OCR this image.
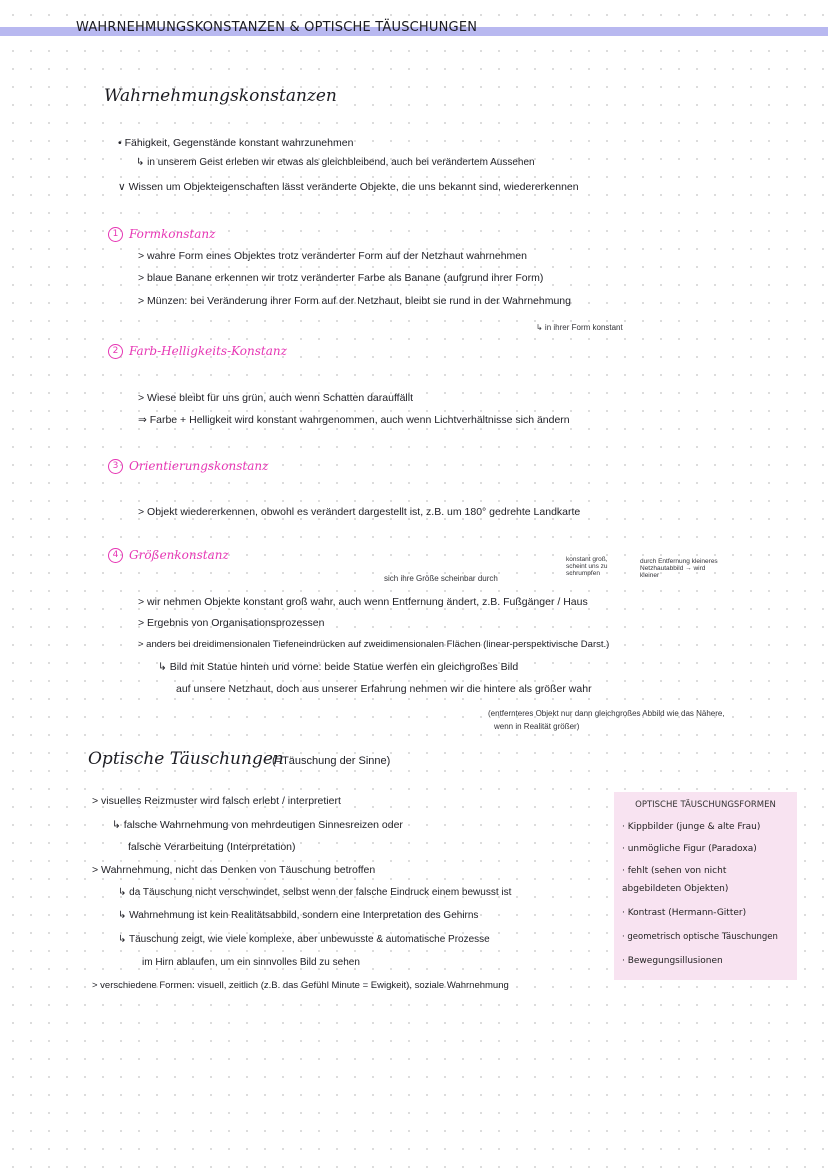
WAHRNEHMUNGSKONSTANZEN & OPTISCHE TÄUSCHUNGEN
Wahrnehmungskonstanzen
• Fähigkeit, Gegenstände konstant wahrzunehmen
↳ in unserem Geist erleben wir etwas als gleichbleibend, auch bei verändertem Aussehen
∨ Wissen um Objekteigenschaften lässt veränderte Objekte, die uns bekannt sind, wiedererkennen
1 Formkonstanz
> wahre Form eines Objektes trotz veränderter Form auf der Netzhaut wahrnehmen
> blaue Banane erkennen wir trotz veränderter Farbe als Banane (aufgrund ihrer Form)
> Münzen: bei Veränderung ihrer Form auf der Netzhaut, bleibt sie rund in der Wahrnehmung
↳ in ihrer Form konstant
2 Farb-Helligkeits-Konstanz
> Wiese bleibt für uns grün, auch wenn Schatten darauffällt
⇒ Farbe + Helligkeit wird konstant wahrgenommen, auch wenn Lichtverhältnisse sich ändern
3 Orientierungskonstanz
> Objekt wiedererkennen, obwohl es verändert dargestellt ist, z.B. um 180° gedrehte Landkarte
4 Größenkonstanz
sich ihre Größe scheinbar durch
konstant groß, scheint uns zu schrumpfen
durch Entfernung kleineres Netzhautabbild → wird kleiner
> wir nehmen Objekte konstant groß wahr, auch wenn Entfernung ändert, z.B. Fußgänger / Haus
> Ergebnis von Organisationsprozessen
> anders bei dreidimensionalen Tiefeneindrücken auf zweidimensionalen Flächen (linear-perspektivische Darst.)
↳ Bild mit Statue hinten und vorne: beide Statue werfen ein gleichgroßes Bild
auf unsere Netzhaut, doch aus unserer Erfahrung nehmen wir die hintere als größer wahr
(entfernteres Objekt nur dann gleichgroßes Abbild wie das Nähere,
wenn in Realität größer)
Optische Täuschungen
(=Täuschung der Sinne)
> visuelles Reizmuster wird falsch erlebt / interpretiert
↳ falsche Wahrnehmung von mehrdeutigen Sinnesreizen oder
falsche Verarbeitung (Interpretation)
> Wahrnehmung, nicht das Denken von Täuschung betroffen
↳ da Täuschung nicht verschwindet, selbst wenn der falsche Eindruck einem bewusst ist
↳ Wahrnehmung ist kein Realitätsabbild, sondern eine Interpretation des Gehirns
↳ Täuschung zeigt, wie viele komplexe, aber unbewusste & automatische Prozesse
im Hirn ablaufen, um ein sinnvolles Bild zu sehen
> verschiedene Formen: visuell, zeitlich (z.B. das Gefühl Minute = Ewigkeit), soziale Wahrnehmung
OPTISCHE TÄUSCHUNGSFORMEN
· Kippbilder (junge & alte Frau)
· unmögliche Figur (Paradoxa)
· fehlt (sehen von nicht
abgebildeten Objekten)
· Kontrast (Hermann-Gitter)
· geometrisch optische Täuschungen
· Bewegungsillusionen
